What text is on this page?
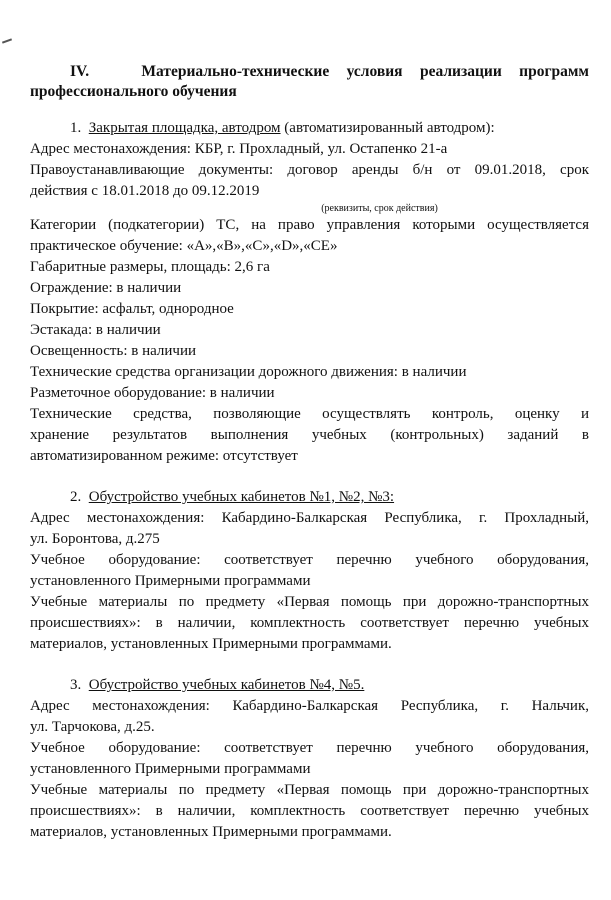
IV.	Материально-технические условия реализации программ
профессионального обучения
1. Закрытая площадка, автодром (автоматизированный автодром):

Адрес местонахождения: КБР, г. Прохладный, ул. Остапенко 21-а

Правоустанавливающие документы: договор аренды б/н от 09.01.2018, срок

действия с 18.01.2018 до 09.12.2019

(реквизиты, срок действия)

Категории (подкатегории) ТС, на право управления которыми осуществляется

практическое обучение: «А»,«В»,«С»,«D»,«СЕ»

Габаритные размеры, площадь: 2,6 га

Ограждение: в наличии

Покрытие: асфальт, однородное

Эстакада: в наличии

Освещенность: в наличии

Технические средства организации дорожного движения: в наличии

Разметочное оборудование: в наличии

Технические средства, позволяющие осуществлять контроль, оценку и

хранение результатов выполнения учебных (контрольных) заданий в

автоматизированном режиме: отсутствует

2. Обустройство учебных кабинетов №1, №2, №3:

Адрес местонахождения: Кабардино-Балкарская Республика, г. Прохладный,

ул. Боронтова, д.275

Учебное оборудование: соответствует перечню учебного оборудования,

установленного Примерными программами

Учебные материалы по предмету «Первая помощь при дорожно-транспортных

происшествиях»: в наличии, комплектность соответствует перечню учебных

материалов, установленных Примерными программами.

3. Обустройство учебных кабинетов №4, №5.

Адрес местонахождения: Кабардино-Балкарская Республика, г. Нальчик,

ул. Тарчокова, д.25.

Учебное оборудование: соответствует перечню учебного оборудования,

установленного Примерными программами

Учебные материалы по предмету «Первая помощь при дорожно-транспортных

происшествиях»: в наличии, комплектность соответствует перечню учебных

материалов, установленных Примерными программами.
